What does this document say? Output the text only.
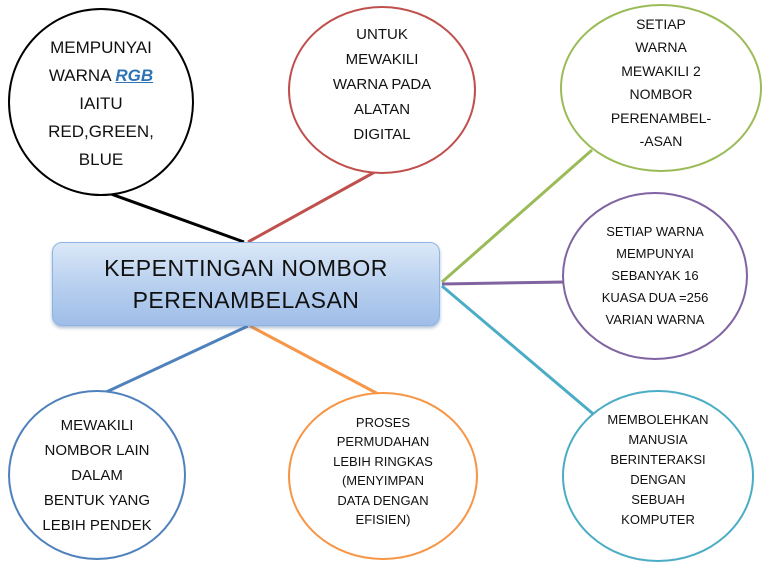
KEPENTINGAN NOMBOR
PERENAMBELASAN
MEMPUNYAI
WARNA RGB
IAITU
RED,GREEN,
BLUE
UNTUK
MEWAKILI
WARNA PADA
ALATAN
DIGITAL
SETIAP
WARNA
MEWAKILI 2
NOMBOR
PERENAMBEL-
-ASAN
SETIAP WARNA
MEMPUNYAI
SEBANYAK 16
KUASA DUA =256
VARIAN WARNA
MEMBOLEHKAN
MANUSIA
BERINTERAKSI
DENGAN
SEBUAH
KOMPUTER
MEWAKILI
NOMBOR LAIN
DALAM
BENTUK YANG
LEBIH PENDEK
PROSES
PERMUDAHAN
LEBIH RINGKAS
(MENYIMPAN
DATA DENGAN
EFISIEN)
